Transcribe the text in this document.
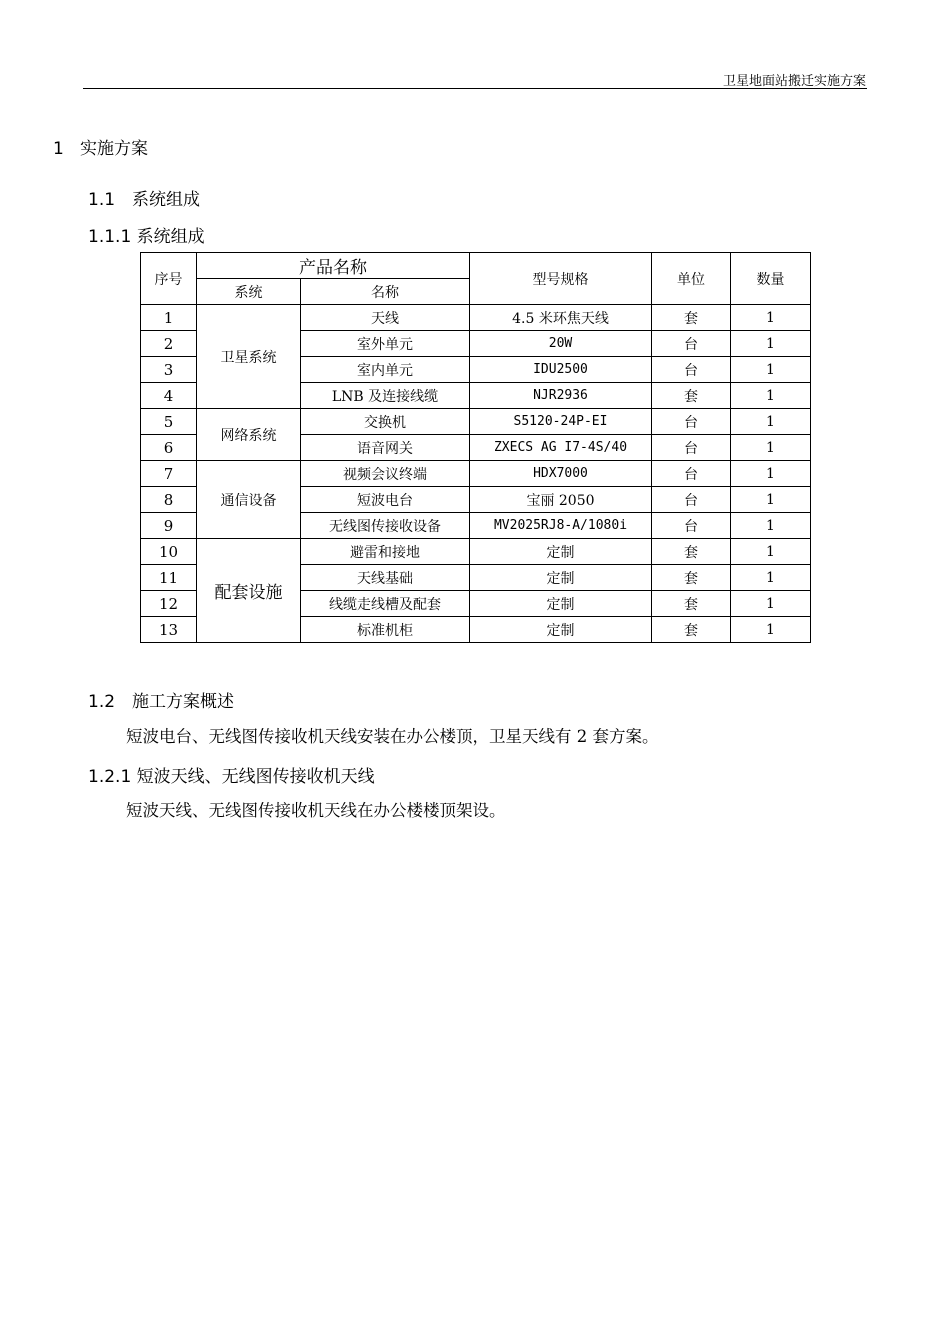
卫星地面站搬迁实施方案
1 实施方案
1.1 系统组成
1.1.1 系统组成
序号	产品名称		型号规格	单位	数量
	系统	名称			
1	卫星系统	天线	4.5 米环焦天线	套	1
2		室外单元	20W	台	1
3		室内单元	IDU2500	台	1
4		LNB 及连接线缆	NJR2936	套	1
5	网络系统	交换机	S5120-24P-EI	台	1
6		语音网关	ZXECS AG I7-4S/40	台	1
7	通信设备	视频会议终端	HDX7000	台	1
8		短波电台	宝丽 2050	台	1
9		无线图传接收设备	MV2025RJ8-A/1080i	台	1
10	配套设施	避雷和接地	定制	套	1
11		天线基础	定制	套	1
12		线缆走线槽及配套	定制	套	1
13		标准机柜	定制	套	1
1.2 施工方案概述
短波电台、无线图传接收机天线安装在办公楼顶，卫星天线有 2 套方案。
1.2.1 短波天线、无线图传接收机天线
短波天线、无线图传接收机天线在办公楼楼顶架设。
